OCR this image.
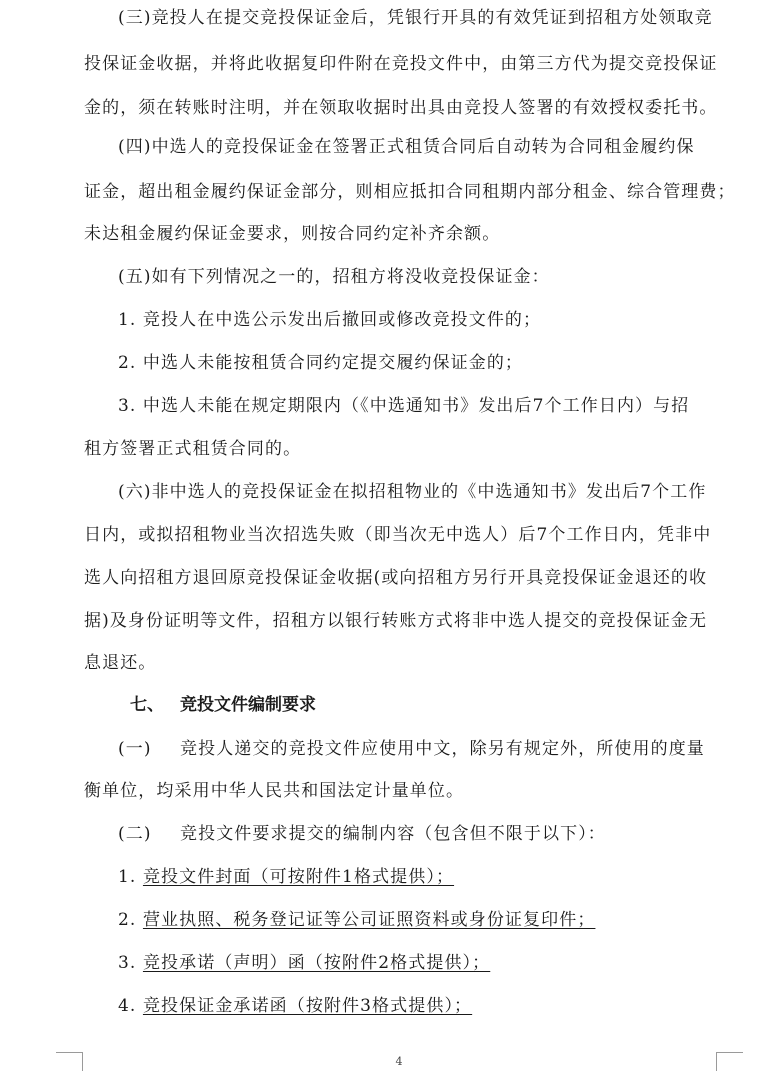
(三)竞投人在提交竞投保证金后，凭银行开具的有效凭证到招租方处领取竞
投保证金收据，并将此收据复印件附在竞投文件中，由第三方代为提交竞投保证
金的，须在转账时注明，并在领取收据时出具由竞投人签署的有效授权委托书。
(四)中选人的竞投保证金在签署正式租赁合同后自动转为合同租金履约保
证金，超出租金履约保证金部分，则相应抵扣合同租期内部分租金、综合管理费；
未达租金履约保证金要求，则按合同约定补齐余额。
(五)如有下列情况之一的，招租方将没收竞投保证金：
1. 竞投人在中选公示发出后撤回或修改竞投文件的；
2. 中选人未能按租赁合同约定提交履约保证金的；
3. 中选人未能在规定期限内（《中选通知书》发出后7个工作日内）与招
租方签署正式租赁合同的。
(六)非中选人的竞投保证金在拟招租物业的《中选通知书》发出后7个工作
日内，或拟招租物业当次招选失败（即当次无中选人）后7个工作日内，凭非中
选人向招租方退回原竞投保证金收据(或向招租方另行开具竞投保证金退还的收
据)及身份证明等文件，招租方以银行转账方式将非中选人提交的竞投保证金无
息退还。
七、 竞投文件编制要求
(一) 竞投人递交的竞投文件应使用中文，除另有规定外，所使用的度量
衡单位，均采用中华人民共和国法定计量单位。
(二) 竞投文件要求提交的编制内容（包含但不限于以下）：
1. 竞投文件封面（可按附件1格式提供）；
2. 营业执照、税务登记证等公司证照资料或身份证复印件；
3. 竞投承诺（声明）函（按附件2格式提供）；
4. 竞投保证金承诺函（按附件3格式提供）；
4
